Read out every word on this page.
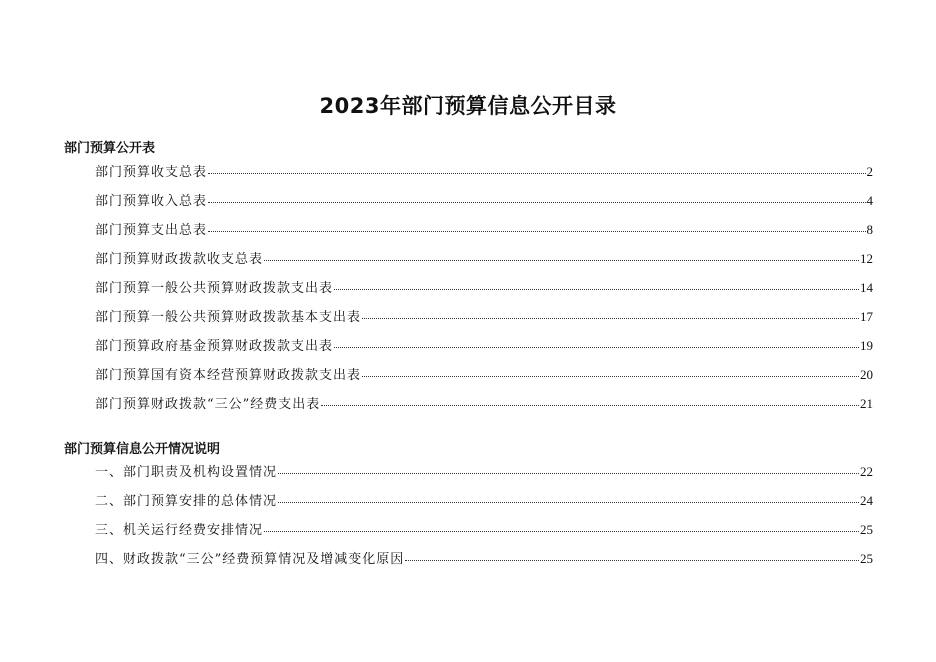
2023年部门预算信息公开目录
部门预算公开表
部门预算收支总表	2
部门预算收入总表	4
部门预算支出总表	8
部门预算财政拨款收支总表	12
部门预算一般公共预算财政拨款支出表	14
部门预算一般公共预算财政拨款基本支出表	17
部门预算政府基金预算财政拨款支出表	19
部门预算国有资本经营预算财政拨款支出表	20
部门预算财政拨款“三公”经费支出表	21
部门预算信息公开情况说明
一、部门职责及机构设置情况	22
二、部门预算安排的总体情况	24
三、机关运行经费安排情况	25
四、财政拨款“三公”经费预算情况及增减变化原因	25
